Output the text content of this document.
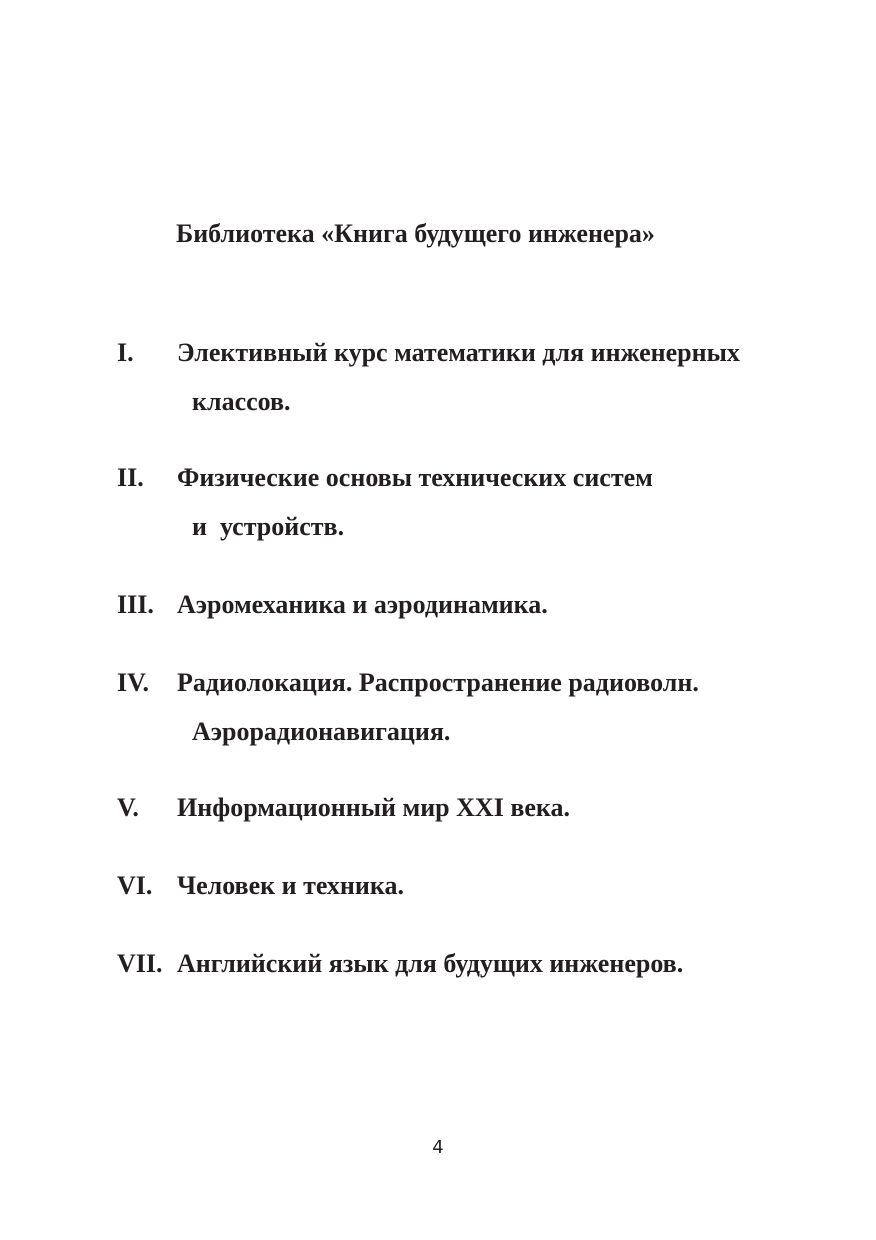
Библиотека «Книга будущего инженера»
I. Элективный курс математики для инженерных
классов.
II. Физические основы технических систем
и  устройств.
III. Аэромеханика и аэродинамика.
IV. Радиолокация. Распространение радиоволн.
Аэрорадионавигация.
V. Информационный мир XXI века.
VI. Человек и техника.
VII. Английский язык для будущих инженеров.
4
